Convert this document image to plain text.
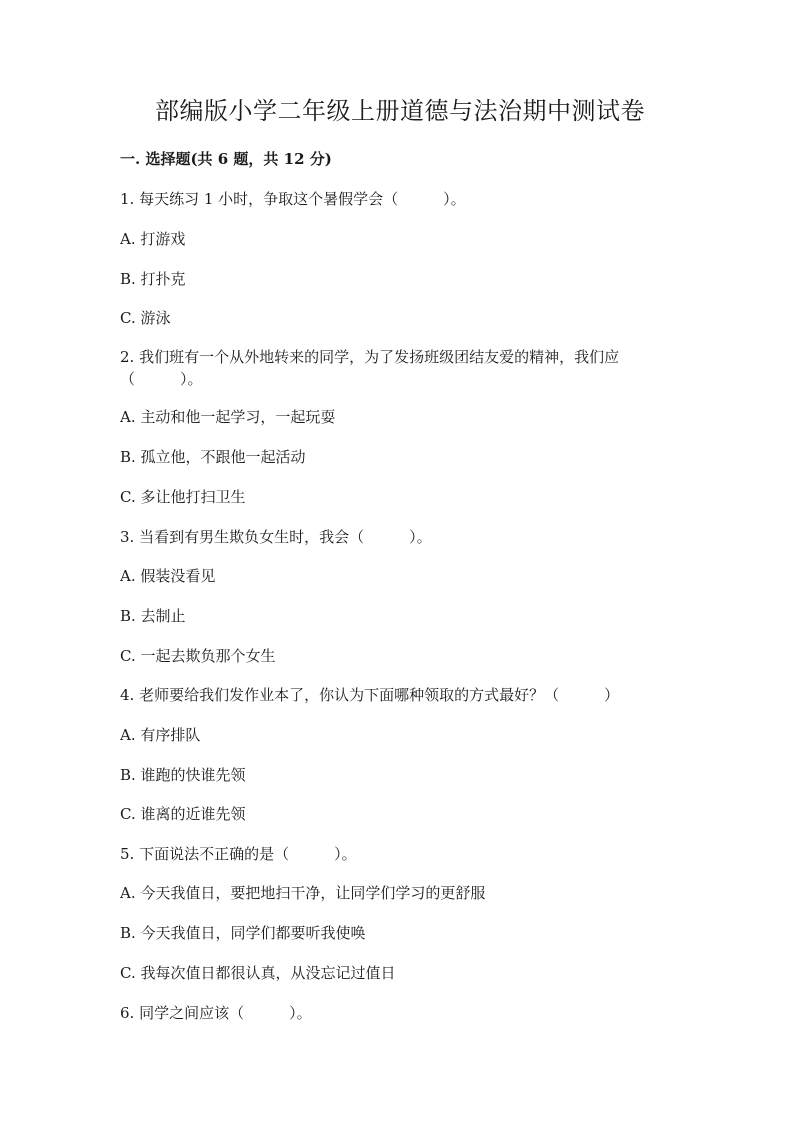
部编版小学二年级上册道德与法治期中测试卷
一. 选择题(共 6 题，共 12 分)
1. 每天练习 1 小时，争取这个暑假学会（　　　）。
A. 打游戏
B. 打扑克
C. 游泳
2. 我们班有一个从外地转来的同学，为了发扬班级团结友爱的精神，我们应
（　　　）。
A. 主动和他一起学习，一起玩耍
B. 孤立他，不跟他一起活动
C. 多让他打扫卫生
3. 当看到有男生欺负女生时，我会（　　　）。
A. 假装没看见
B. 去制止
C. 一起去欺负那个女生
4. 老师要给我们发作业本了，你认为下面哪种领取的方式最好？（　　　）
A. 有序排队
B. 谁跑的快谁先领
C. 谁离的近谁先领
5. 下面说法不正确的是（　　　）。
A. 今天我值日，要把地扫干净，让同学们学习的更舒服
B. 今天我值日，同学们都要听我使唤
C. 我每次值日都很认真，从没忘记过值日
6. 同学之间应该（　　　）。
